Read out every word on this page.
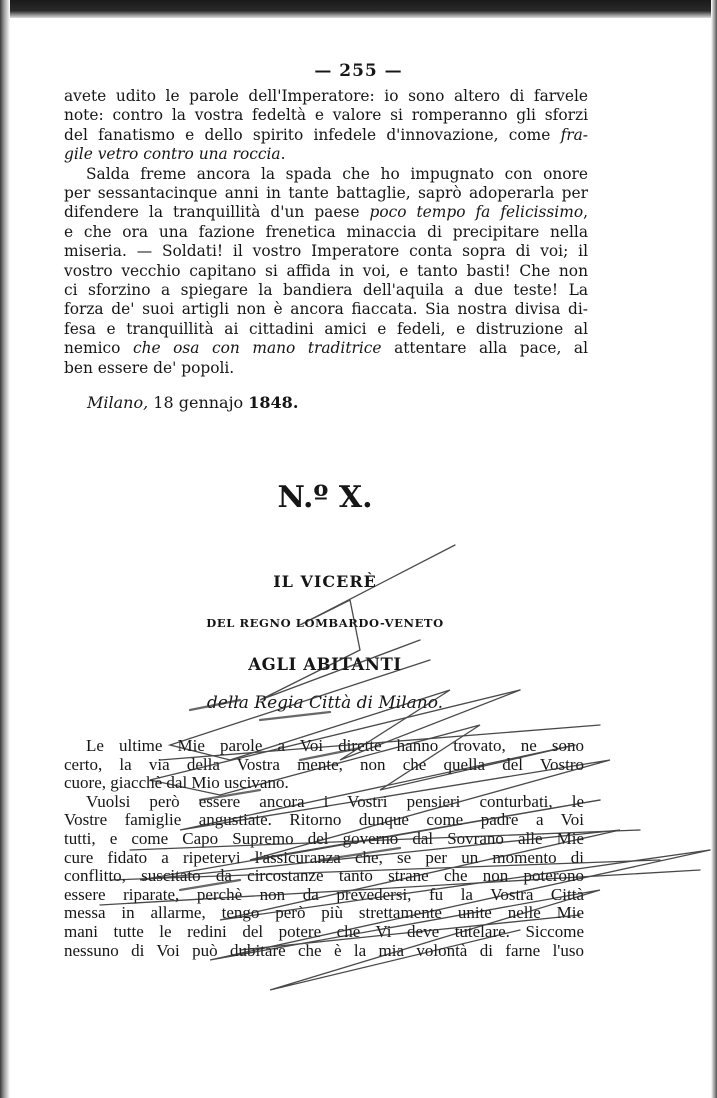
— 255 —
avete udito le parole dell'Imperatore: io sono altero di farvele
note: contro la vostra fedeltà e valore si romperanno gli sforzi
del fanatismo e dello spirito infedele d'innovazione, come fra-
gile vetro contro una roccia.
Salda freme ancora la spada che ho impugnato con onore
per sessantacinque anni in tante battaglie, saprò adoperarla per
difendere la tranquillità d'un paese poco tempo fa felicissimo,
e che ora una fazione frenetica minaccia di precipitare nella
miseria. — Soldati! il vostro Imperatore conta sopra di voi; il
vostro vecchio capitano si affida in voi, e tanto basti! Che non
ci sforzino a spiegare la bandiera dell'aquila a due teste! La
forza de' suoi artigli non è ancora fiaccata. Sia nostra divisa di-
fesa e tranquillità ai cittadini amici e fedeli, e distruzione al
nemico che osa con mano traditrice attentare alla pace, al
ben essere de' popoli.
Milano, 18 gennajo 1848.
N.º X.
IL VICERÈ
DEL REGNO LOMBARDO-VENETO
AGLI ABITANTI
della Regia Città di Milano.
Le ultime Mie parole a Voi dirette hanno trovato, ne sono
certo, la via della Vostra mente, non che quella del Vostro
cuore, giacchè dal Mio uscivano.
Vuolsi però essere ancora i Vostri pensieri conturbati, le
Vostre famiglie angustiate. Ritorno dunque come padre a Voi
tutti, e come Capo Supremo del governo dal Sovrano alle Mie
cure fidato a ripetervi l'assicuranza che, se per un momento di
conflitto, suscitato da circostanze tanto strane che non poterono
essere riparate, perchè non da prevedersi, fu la Vostra Città
messa in allarme, tengo però più strettamente unite nelle Mie
mani tutte le redini del potere che Vi deve tutelare. Siccome
nessuno di Voi può dubitare che è la mia volontà di farne l'uso
